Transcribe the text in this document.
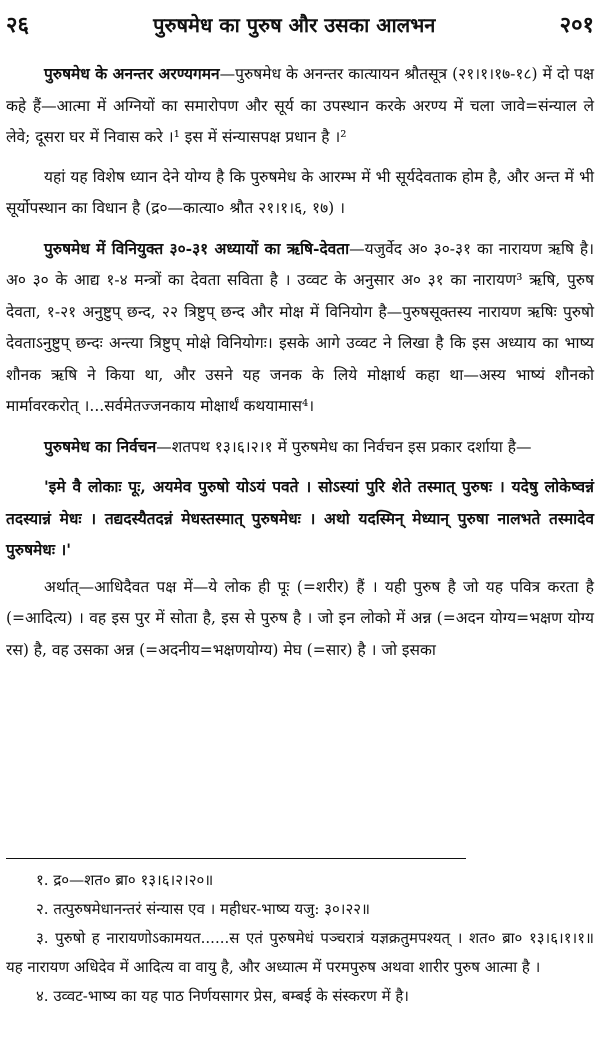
२६	पुरुषमेध का पुरुष और उसका आलभन	२०१

पुरुषमेध के अनन्तर अरण्यगमन—पुरुषमेध के अनन्तर कात्यायन श्रौतसूत्र (२१।१।१७-१८) में दो पक्ष कहे हैं—आत्मा में अग्नियों का समारोपण और सूर्य का उपस्थान करके अरण्य में चला जावे=संन्याल ले लेवे; दूसरा घर में निवास करे ।¹ इस में संन्यासपक्ष प्रधान है ।²

यहां यह विशेष ध्यान देने योग्य है कि पुरुषमेध के आरम्भ में भी सूर्यदेवताक होम है, और अन्त में भी सूर्योपस्थान का विधान है (द्र०—कात्या० श्रौत २१।१।६, १७) ।

पुरुषमेध में विनियुक्त ३०-३१ अध्यायों का ऋषि-देवता—यजुर्वेद अ० ३०-३१ का नारायण ऋषि है। अ० ३० के आद्य १-४ मन्त्रों का देवता सविता है । उव्वट के अनुसार अ० ३१ का नारायण³ ऋषि, पुरुष देवता, १-२१ अनुष्टुप् छन्द, २२ त्रिष्टुप् छन्द और मोक्ष में विनियोग है—पुरुषसूक्तस्य नारायण ऋषिः पुरुषो देवताऽनुष्टुप् छन्दः अन्त्या त्रिष्टुप् मोक्षे विनियोगः। इसके आगे उव्वट ने लिखा है कि इस अध्याय का भाष्य शौनक ऋषि ने किया था, और उसने यह जनक के लिये मोक्षार्थ कहा था—अस्य भाष्यं शौनको मार्मावरकरोत् ।...सर्वमेतज्जनकाय मोक्षार्थं कथयामास⁴।

पुरुषमेध का निर्वचन—शतपथ १३।६।२।१ में पुरुषमेध का निर्वचन इस प्रकार दर्शाया है—

'इमे वै लोकाः पूः, अयमेव पुरुषो योऽयं पवते । सोऽस्यां पुरि शेते तस्मात् पुरुषः । यदेषु लोकेष्वन्नं तदस्यान्नं मेधः । तद्यदस्यैतदन्नं मेधस्तस्मात् पुरुषमेधः । अथो यदस्मिन् मेध्यान् पुरुषा नालभते तस्मादेव पुरुषमेधः ।'

अर्थात्—आधिदैवत पक्ष में—ये लोक ही पूः (=शरीर) हैं । यही पुरुष है जो यह पवित्र करता है (=आदित्य) । वह इस पुर में सोता है, इस से पुरुष है । जो इन लोको में अन्न (=अदन योग्य=भक्षण योग्य रस) है, वह उसका अन्न (=अदनीय=भक्षणयोग्य) मेघ (=सार) है । जो इसका

१. द्र०—शत० ब्रा० १३।६।२।२०॥

२. तत्पुरुषमेधानन्तरं संन्यास एव । महीधर-भाष्य यजु: ३०।२२॥

३. पुरुषो ह नारायणोऽकामयत......स एतं पुरुषमेधं पञ्चरात्रं यज्ञक्रतुमपश्यत् । शत० ब्रा० १३।६।१।१॥ यह नारायण अधिदेव में आदित्य वा वायु है, और अध्यात्म में परमपुरुष अथवा शारीर पुरुष आत्मा है ।

४. उव्वट-भाष्य का यह पाठ निर्णयसागर प्रेस, बम्बई के संस्करण में है।
